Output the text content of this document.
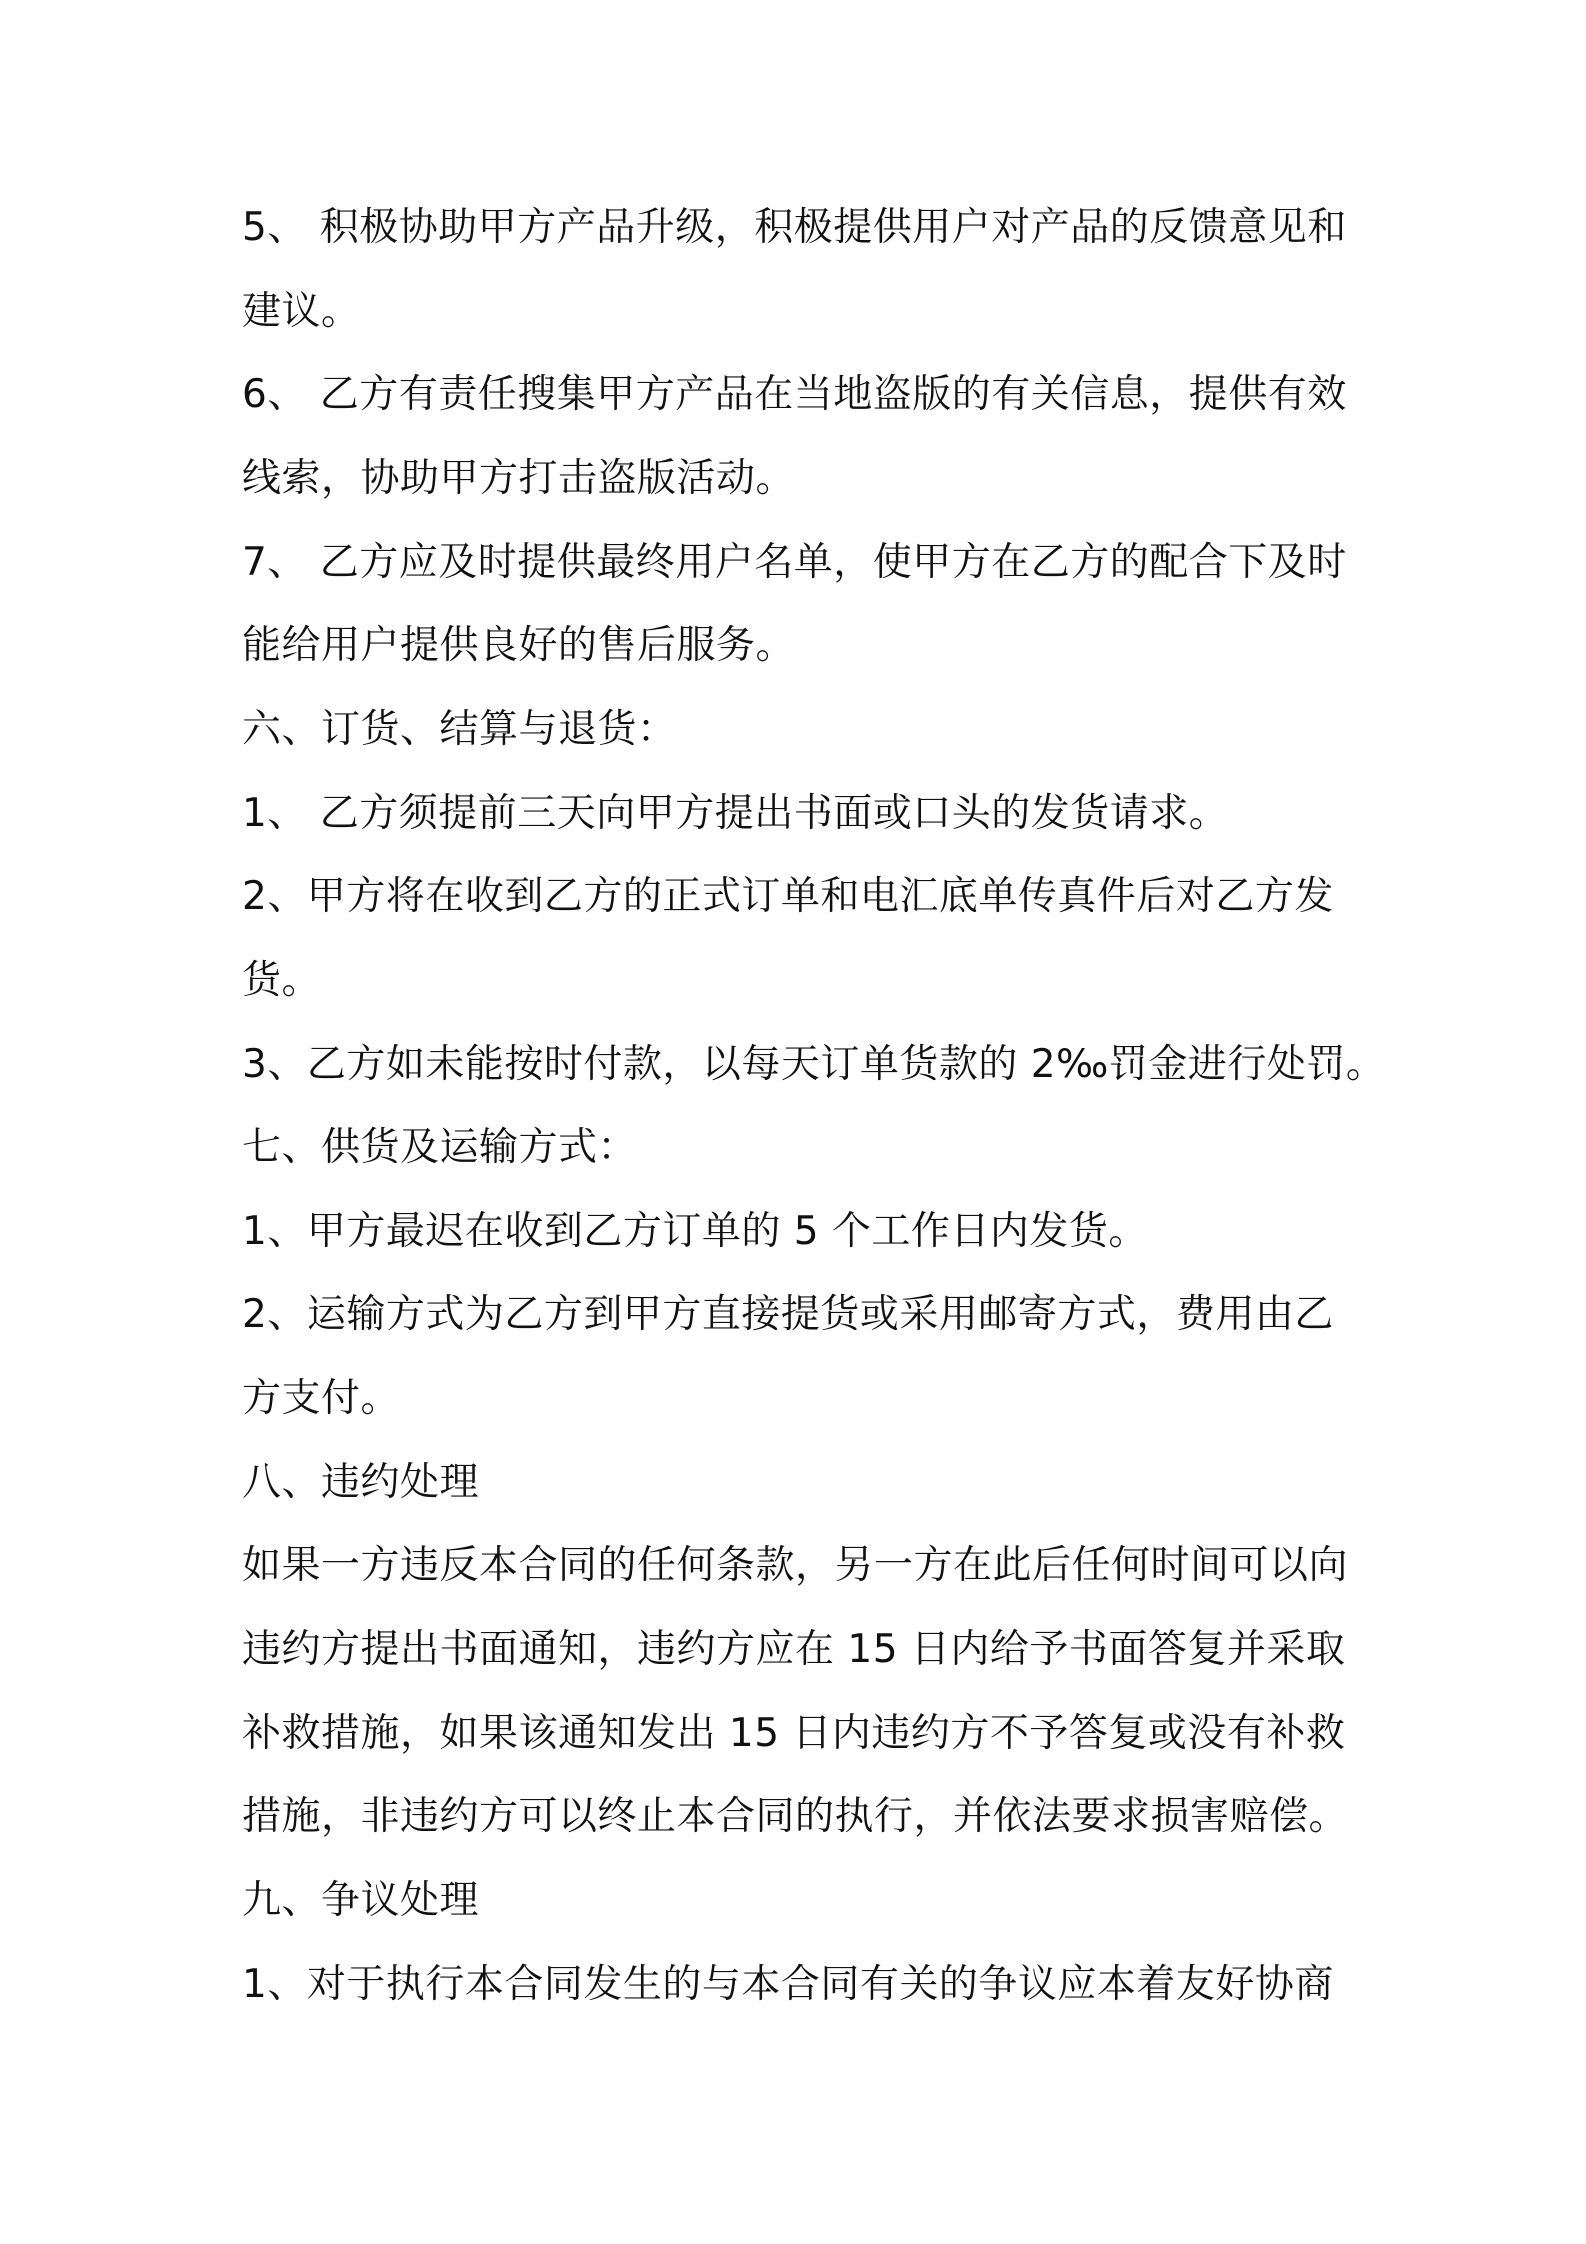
5、 积极协助甲方产品升级，积极提供用户对产品的反馈意见和
建议。
6、 乙方有责任搜集甲方产品在当地盗版的有关信息，提供有效
线索，协助甲方打击盗版活动。
7、 乙方应及时提供最终用户名单，使甲方在乙方的配合下及时
能给用户提供良好的售后服务。
六、订货、结算与退货：
1、 乙方须提前三天向甲方提出书面或口头的发货请求。
2、甲方将在收到乙方的正式订单和电汇底单传真件后对乙方发
货。
3、乙方如未能按时付款，以每天订单货款的 2‰罚金进行处罚。
七、供货及运输方式：
1、甲方最迟在收到乙方订单的 5 个工作日内发货。
2、运输方式为乙方到甲方直接提货或采用邮寄方式，费用由乙
方支付。
八、违约处理
如果一方违反本合同的任何条款，另一方在此后任何时间可以向
违约方提出书面通知，违约方应在 15 日内给予书面答复并采取
补救措施，如果该通知发出 15 日内违约方不予答复或没有补救
措施，非违约方可以终止本合同的执行，并依法要求损害赔偿。
九、争议处理
1、对于执行本合同发生的与本合同有关的争议应本着友好协商
